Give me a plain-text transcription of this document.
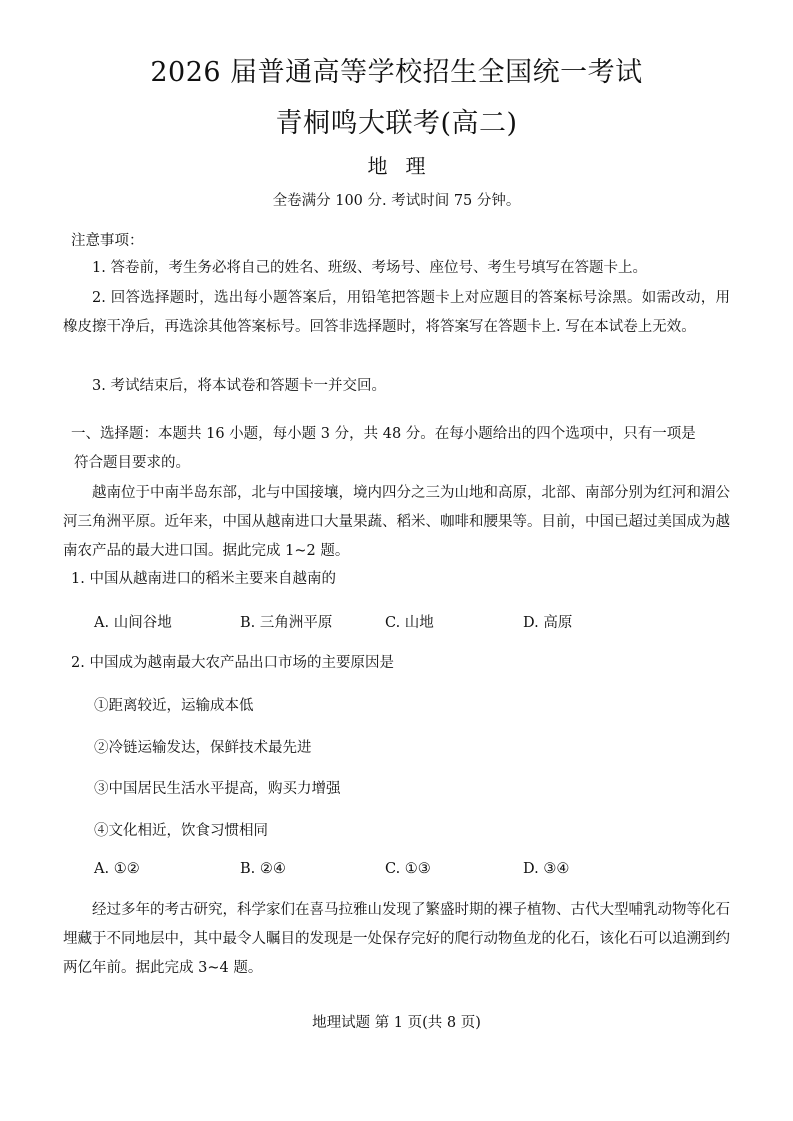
2026 届普通高等学校招生全国统一考试
青桐鸣大联考(高二)
地理
全卷满分 100 分. 考试时间 75 分钟。
注意事项：
1. 答卷前，考生务必将自己的姓名、班级、考场号、座位号、考生号填写在答题卡上。
2. 回答选择题时，选出每小题答案后，用铅笔把答题卡上对应题目的答案标号涂黑。如需改动，用橡皮擦干净后，再选涂其他答案标号。回答非选择题时，将答案写在答题卡上. 写在本试卷上无效。
3. 考试结束后，将本试卷和答题卡一并交回。
一、选择题：本题共 16 小题，每小题 3 分，共 48 分。在每小题给出的四个选项中，只有一项是
符合题目要求的。
越南位于中南半岛东部，北与中国接壤，境内四分之三为山地和高原，北部、南部分别为红河和湄公河三角洲平原。近年来，中国从越南进口大量果蔬、稻米、咖啡和腰果等。目前，中国已超过美国成为越南农产品的最大进口国。据此完成 1~2 题。
1. 中国从越南进口的稻米主要来自越南的
A. 山间谷地	B. 三角洲平原	C. 山地	D. 高原
2. 中国成为越南最大农产品出口市场的主要原因是
①距离较近，运输成本低
②冷链运输发达，保鲜技术最先进
③中国居民生活水平提高，购买力增强
④文化相近，饮食习惯相同
A. ①②	B. ②④	C. ①③	D. ③④
经过多年的考古研究，科学家们在喜马拉雅山发现了繁盛时期的裸子植物、古代大型哺乳动物等化石埋藏于不同地层中，其中最令人瞩目的发现是一处保存完好的爬行动物鱼龙的化石，该化石可以追溯到约两亿年前。据此完成 3~4 题。
地理试题 第 1 页(共 8 页)
